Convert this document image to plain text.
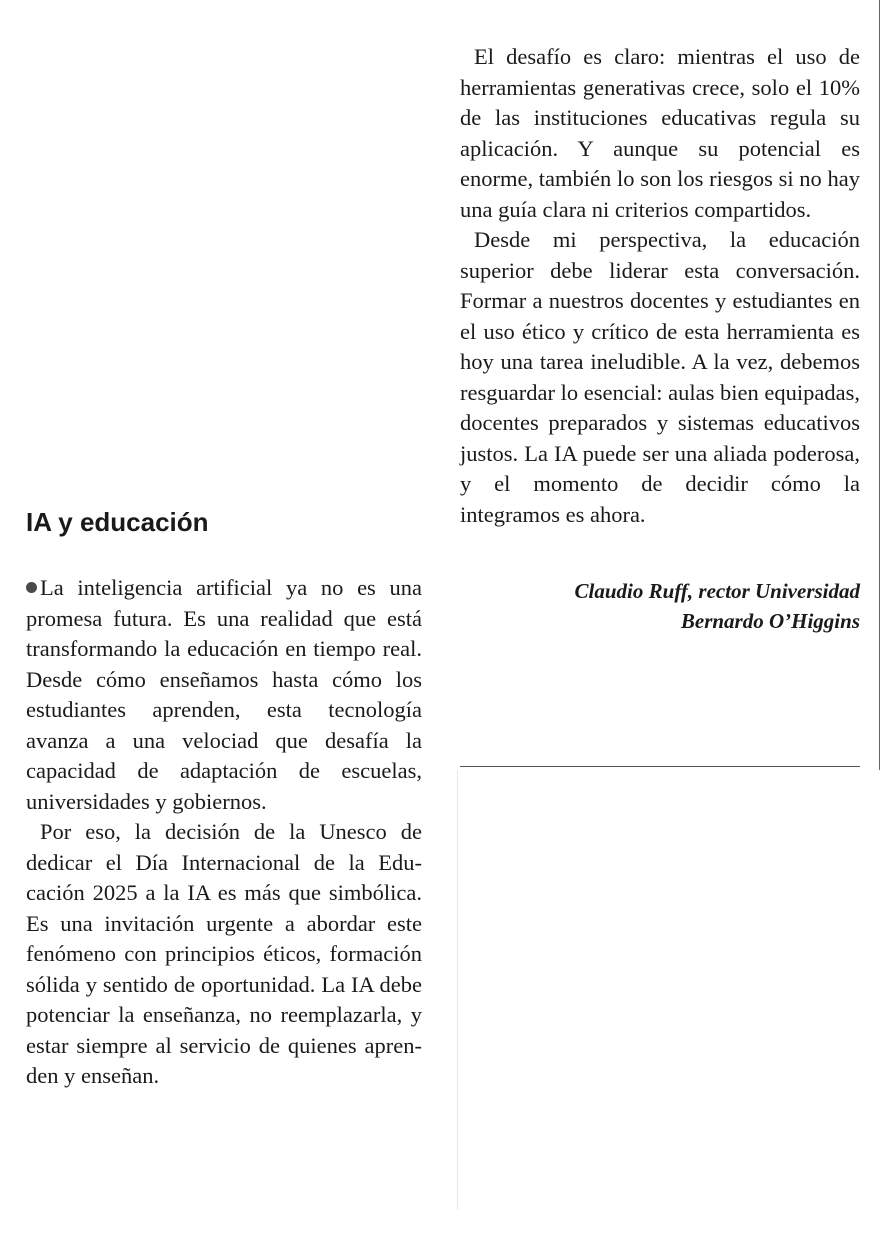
IA y educación

La inteligencia artificial ya no es una promesa futura. Es una realidad que está transformando la educación en tiempo real. Desde cómo enseñamos hasta cómo los estudiantes aprenden, esta tecnología avanza a una velociad que desafía la capacidad de adaptación de escuelas, universidades y gobiernos.

Por eso, la decisión de la Unesco de dedicar el Día Internacional de la Educación 2025 a la IA es más que simbólica. Es una invitación urgente a abordar este fenómeno con principios éticos, formación sólida y sentido de oportunidad. La IA debe potenciar la enseñanza, no reemplazarla, y estar siempre al servicio de quienes aprenden y enseñan.

El desafío es claro: mientras el uso de herramientas generativas crece, solo el 10% de las instituciones educativas regula su aplicación. Y aunque su potencial es enorme, también lo son los riesgos si no hay una guía clara ni criterios compartidos.

Desde mi perspectiva, la educación superior debe liderar esta conversación. Formar a nuestros docentes y estudiantes en el uso ético y crítico de esta herramienta es hoy una tarea ineludible. A la vez, debemos resguardar lo esencial: aulas bien equipadas, docentes preparados y sistemas educativos justos. La IA puede ser una aliada poderosa, y el momento de decidir cómo la integramos es ahora.

Claudio Ruff, rector Universidad
Bernardo O’Higgins
